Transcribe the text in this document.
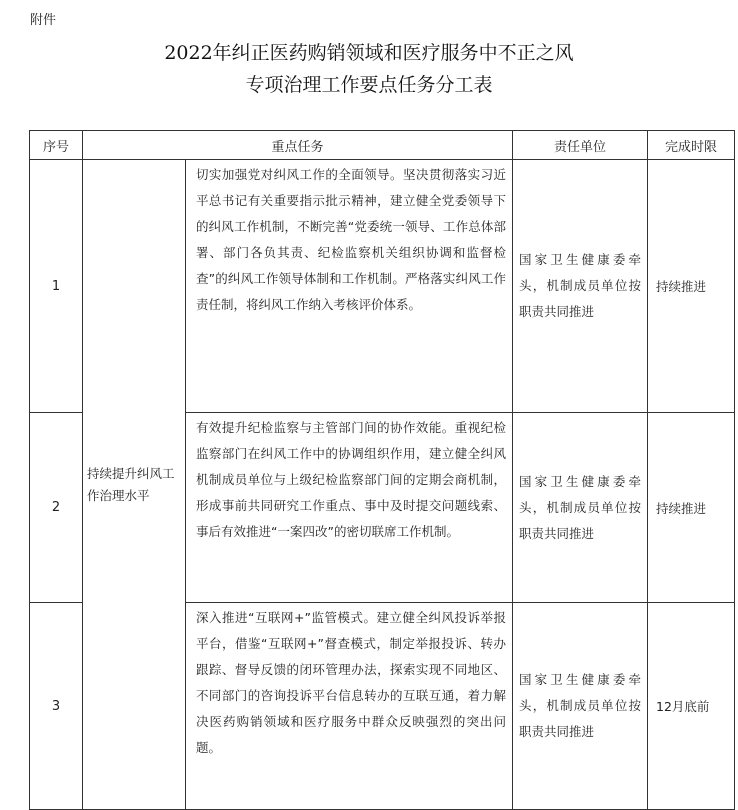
附件
2022年纠正医药购销领域和医疗服务中不正之风
专项治理工作要点任务分工表
序号	重点任务		责任单位	完成时限
1	持续提升纠风工作治理水平	切实加强党对纠风工作的全面领导。坚决贯彻落实习近平总书记有关重要指示批示精神，建立健全党委领导下的纠风工作机制，不断完善“党委统一领导、工作总体部署、部门各负其责、纪检监察机关组织协调和监督检查”的纠风工作领导体制和工作机制。严格落实纠风工作责任制，将纠风工作纳入考核评价体系。	国家卫生健康委牵头，机制成员单位按职责共同推进	持续推进
2		有效提升纪检监察与主管部门间的协作效能。重视纪检监察部门在纠风工作中的协调组织作用，建立健全纠风机制成员单位与上级纪检监察部门间的定期会商机制，形成事前共同研究工作重点、事中及时提交问题线索、事后有效推进“一案四改”的密切联席工作机制。	国家卫生健康委牵头，机制成员单位按职责共同推进	持续推进
3		深入推进“互联网+”监管模式。建立健全纠风投诉举报平台，借鉴“互联网+”督查模式，制定举报投诉、转办跟踪、督导反馈的闭环管理办法，探索实现不同地区、不同部门的咨询投诉平台信息转办的互联互通，着力解决医药购销领域和医疗服务中群众反映强烈的突出问题。	国家卫生健康委牵头，机制成员单位按职责共同推进	12月底前
